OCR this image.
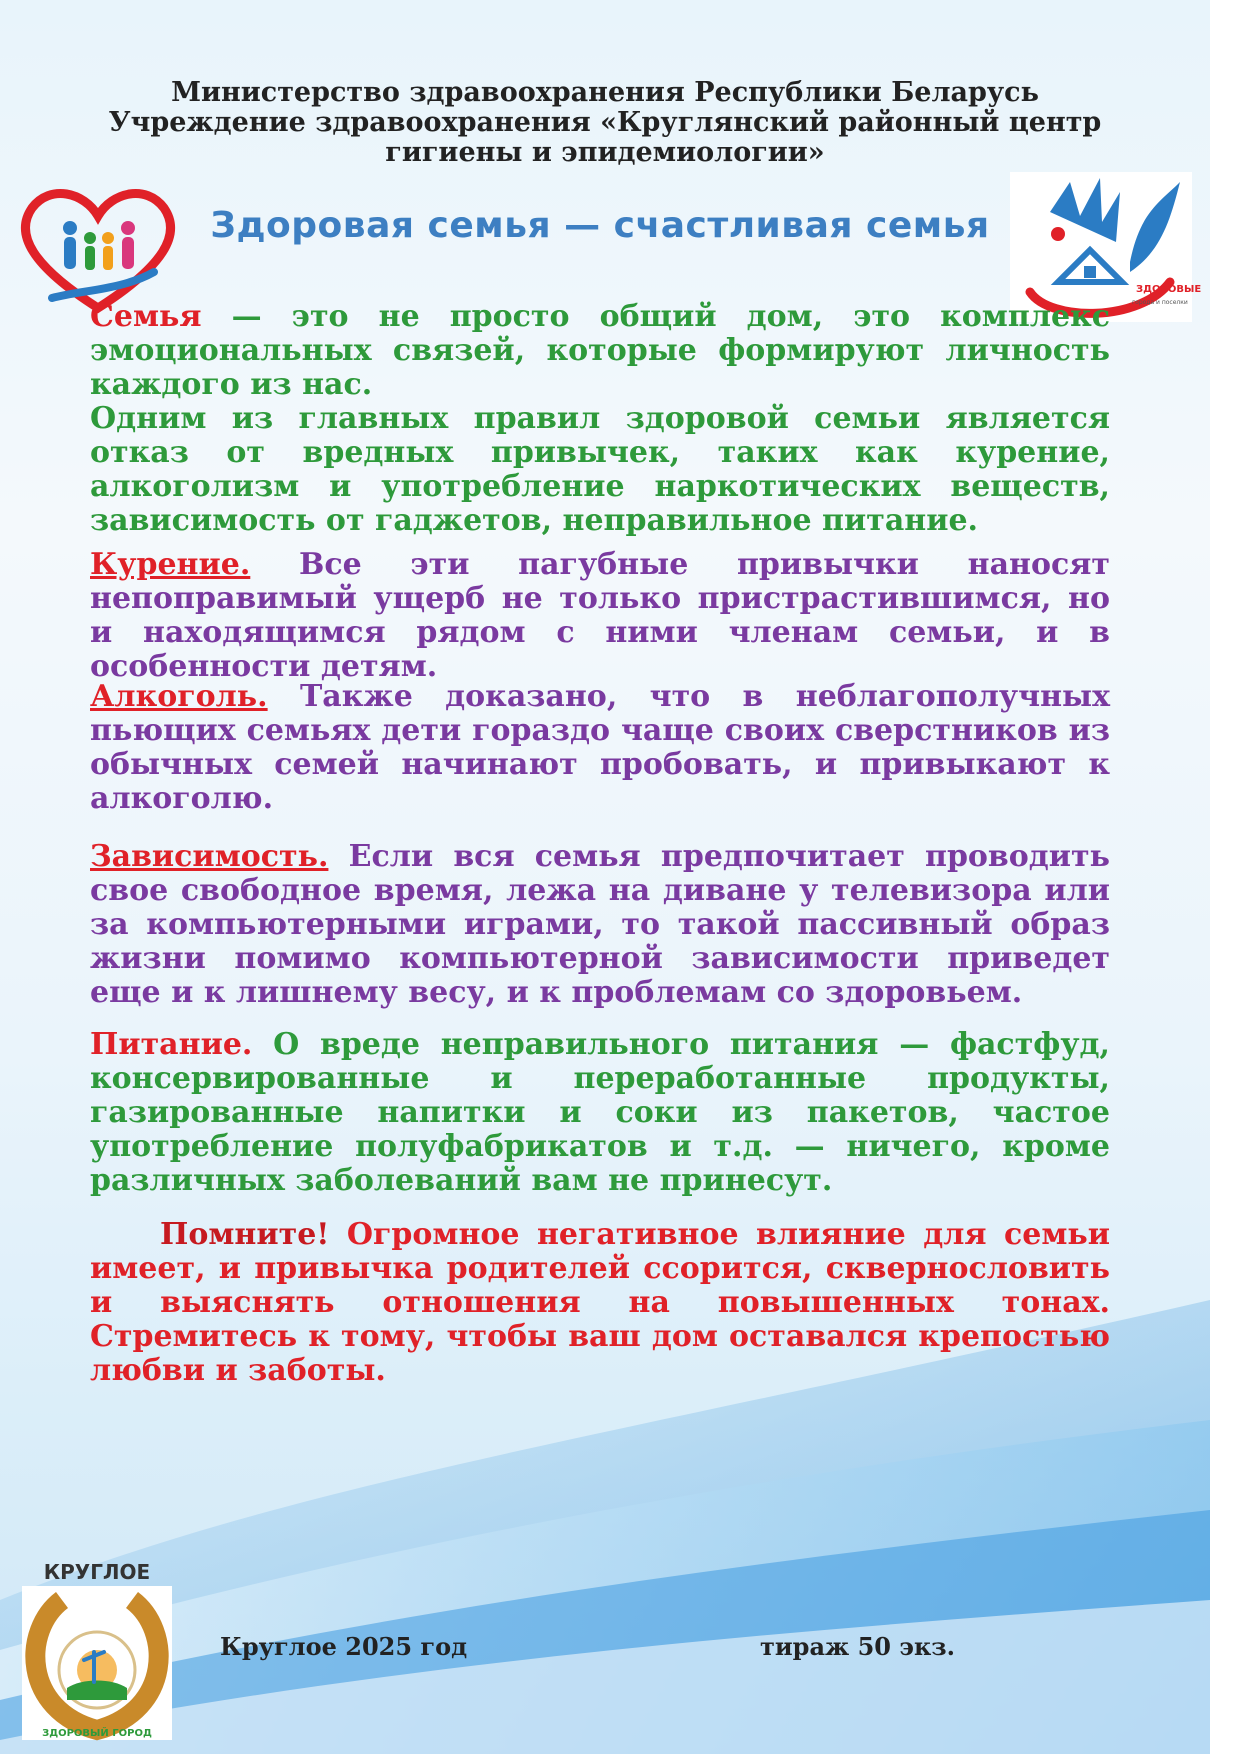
Министерство здравоохранения Республики Беларусь
Учреждение здравоохранения «Круглянский районный центр
гигиены и эпидемиологии»
Здоровая семья — счастливая семья
ЗДОРОВЫЕ
города и поселки
Семья — это не просто общий дом, это комплекс эмоциональных связей, которые формируют личность каждого из нас.
Одним из главных правил здоровой семьи является отказ от вредных привычек, таких как курение, алкоголизм и употребление наркотических веществ, зависимость от гаджетов, неправильное питание.
Курение. Все эти пагубные привычки наносят непоправимый ущерб не только пристрастившимся, но и находящимся рядом с ними членам семьи, и в особенности детям.
Алкоголь. Также доказано, что в неблагополучных пьющих семьях дети гораздо чаще своих сверстников из обычных семей начинают пробовать, и привыкают к алкоголю.
Зависимость. Если вся семья предпочитает проводить свое свободное время, лежа на диване у телевизора или за компьютерными играми, то такой пассивный образ жизни помимо компьютерной зависимости приведет еще и к лишнему весу, и к проблемам со здоровьем.
Питание. О вреде неправильного питания — фастфуд, консервированные и переработанные продукты, газированные напитки и соки из пакетов, частое употребление полуфабрикатов и т.д. — ничего, кроме различных заболеваний вам не принесут.
Помните! Огромное негативное влияние для семьи имеет, и привычка родителей ссорится, сквернословить и выяснять отношения на повышенных тонах. Стремитесь к тому, чтобы ваш дом оставался крепостью любви и заботы.
КРУГЛОЕ
ЗДОРОВЫЙ ГОРОД
Круглое 2025 год	тираж 50 экз.
